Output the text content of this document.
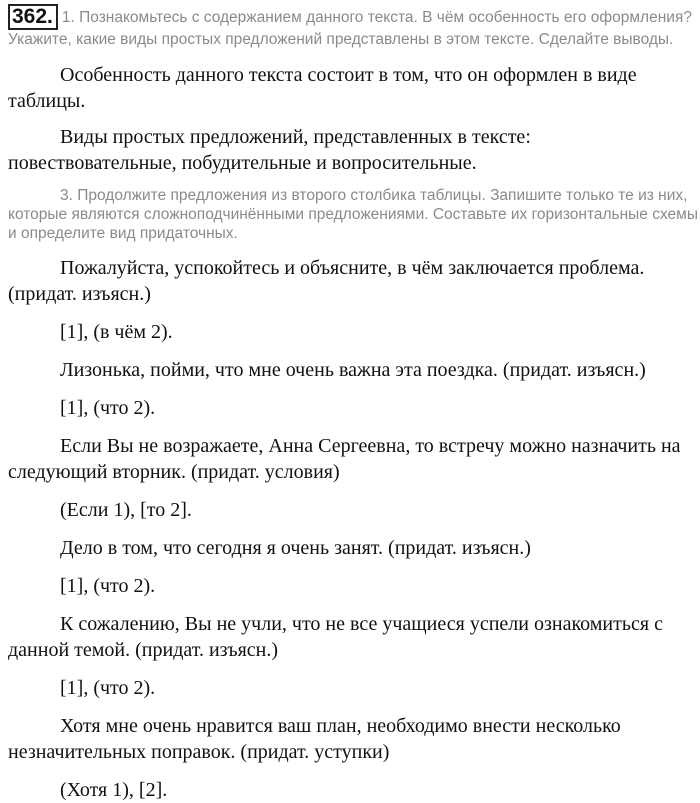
362. 1. Познакомьтесь с содержанием данного текста. В чём особенность его оформления? Укажите, какие виды простых предложений представлены в этом тексте. Сделайте выводы.

Особенность данного текста состоит в том, что он оформлен в виде таблицы.

Виды простых предложений, представленных в тексте: повествовательные, побудительные и вопросительные.

3. Продолжите предложения из второго столбика таблицы. Запишите только те из них, которые являются сложноподчинёнными предложениями. Составьте их горизонтальные схемы и определите вид придаточных.

Пожалуйста, успокойтесь и объясните, в чём заключается проблема. (придат. изъясн.)

[1], (в чём 2).

Лизонька, пойми, что мне очень важна эта поездка. (придат. изъясн.)

[1], (что 2).

Если Вы не возражаете, Анна Сергеевна, то встречу можно назначить на следующий вторник. (придат. условия)

(Если 1), [то 2].

Дело в том, что сегодня я очень занят. (придат. изъясн.)

[1], (что 2).

К сожалению, Вы не учли, что не все учащиеся успели ознакомиться с данной темой. (придат. изъясн.)

[1], (что 2).

Хотя мне очень нравится ваш план, необходимо внести несколько незначительных поправок. (придат. уступки)

(Хотя 1), [2].
